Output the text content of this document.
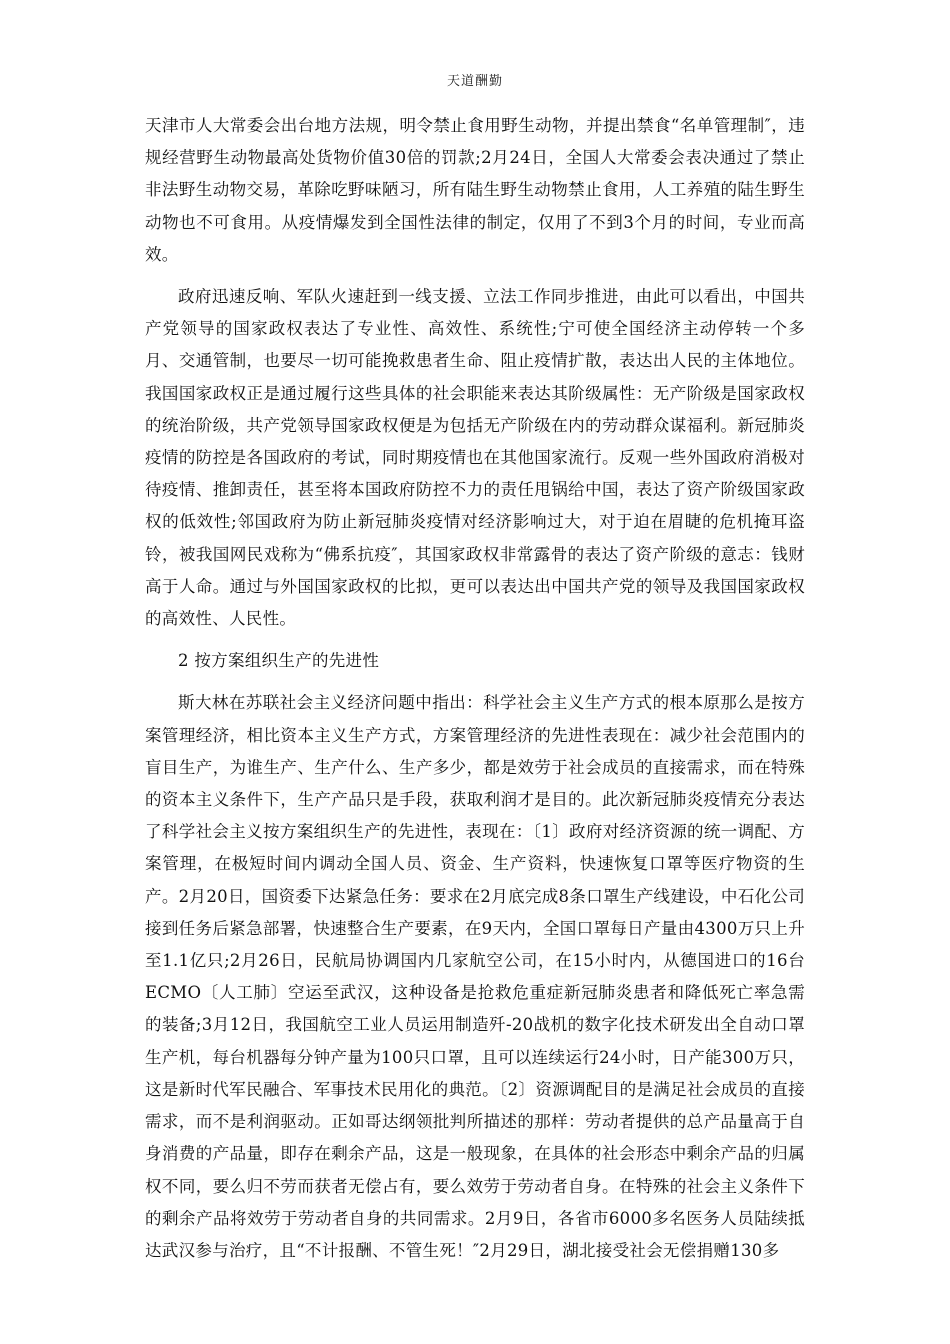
天道酬勤

天津市人大常委会出台地方法规，明令禁止食用野生动物，并提出禁食“名单管理制″，违规经营野生动物最高处货物价值30倍的罚款;2月24日，全国人大常委会表决通过了禁止非法野生动物交易，革除吃野味陋习，所有陆生野生动物禁止食用，人工养殖的陆生野生动物也不可食用。从疫情爆发到全国性法律的制定，仅用了不到3个月的时间，专业而高效。

政府迅速反响、军队火速赶到一线支援、立法工作同步推进，由此可以看出，中国共产党领导的国家政权表达了专业性、高效性、系统性;宁可使全国经济主动停转一个多月、交通管制，也要尽一切可能挽救患者生命、阻止疫情扩散，表达出人民的主体地位。我国国家政权正是通过履行这些具体的社会职能来表达其阶级属性：无产阶级是国家政权的统治阶级，共产党领导国家政权便是为包括无产阶级在内的劳动群众谋福利。新冠肺炎疫情的防控是各国政府的考试，同时期疫情也在其他国家流行。反观一些外国政府消极对待疫情、推卸责任，甚至将本国政府防控不力的责任甩锅给中国，表达了资产阶级国家政权的低效性;邻国政府为防止新冠肺炎疫情对经济影响过大，对于迫在眉睫的危机掩耳盗铃，被我国网民戏称为“佛系抗疫″，其国家政权非常露骨的表达了资产阶级的意志：钱财高于人命。通过与外国国家政权的比拟，更可以表达出中国共产党的领导及我国国家政权的高效性、人民性。

2 按方案组织生产的先进性

斯大林在苏联社会主义经济问题中指出：科学社会主义生产方式的根本原那么是按方案管理经济，相比资本主义生产方式，方案管理经济的先进性表现在：减少社会范围内的盲目生产，为谁生产、生产什么、生产多少，都是效劳于社会成员的直接需求，而在特殊的资本主义条件下，生产产品只是手段，获取利润才是目的。此次新冠肺炎疫情充分表达了科学社会主义按方案组织生产的先进性，表现在：〔1〕政府对经济资源的统一调配、方案管理，在极短时间内调动全国人员、资金、生产资料，快速恢复口罩等医疗物资的生产。2月20日，国资委下达紧急任务：要求在2月底完成8条口罩生产线建设，中石化公司接到任务后紧急部署，快速整合生产要素，在9天内，全国口罩每日产量由4300万只上升至1.1亿只;2月26日，民航局协调国内几家航空公司，在15小时内，从德国进口的16台ECMO〔人工肺〕空运至武汉，这种设备是抢救危重症新冠肺炎患者和降低死亡率急需的装备;3月12日，我国航空工业人员运用制造歼-20战机的数字化技术研发出全自动口罩生产机，每台机器每分钟产量为100只口罩，且可以连续运行24小时，日产能300万只，这是新时代军民融合、军事技术民用化的典范。〔2〕资源调配目的是满足社会成员的直接需求，而不是利润驱动。正如哥达纲领批判所描述的那样：劳动者提供的总产品量高于自身消费的产品量，即存在剩余产品，这是一般现象，在具体的社会形态中剩余产品的归属权不同，要么归不劳而获者无偿占有，要么效劳于劳动者自身。在特殊的社会主义条件下的剩余产品将效劳于劳动者自身的共同需求。2月9日，各省市6000多名医务人员陆续抵达武汉参与治疗，且“不计报酬、不管生死！″2月29日，湖北接受社会无偿捐赠130多
